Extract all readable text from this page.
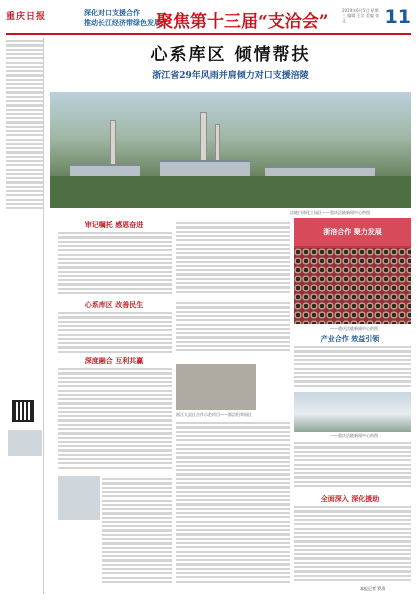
重庆日报	深化对口支援合作
推动长江经济带绿色发展
聚焦第十三届“支洽会”
2019年6月5日 星期三 编辑 王宗 美编 张文	11

心系库区 倾情帮扶
浙江省29年风雨并肩倾力对口支援涪陵
涪陵白涛化工园区——重庆涪陵新闻中心供图
审记嘱托 感恩奋进
浙涪合作 聚力发展
——重庆涪陵新闻中心供图
心系库区 改善民生
深度融合 互利共赢
浙江大县区合作示范项目——浙涪恒荣园区
产业合作 效益引领
——重庆涪陵新闻中心供图
全面深入 深化援助
本报记者 罗清
